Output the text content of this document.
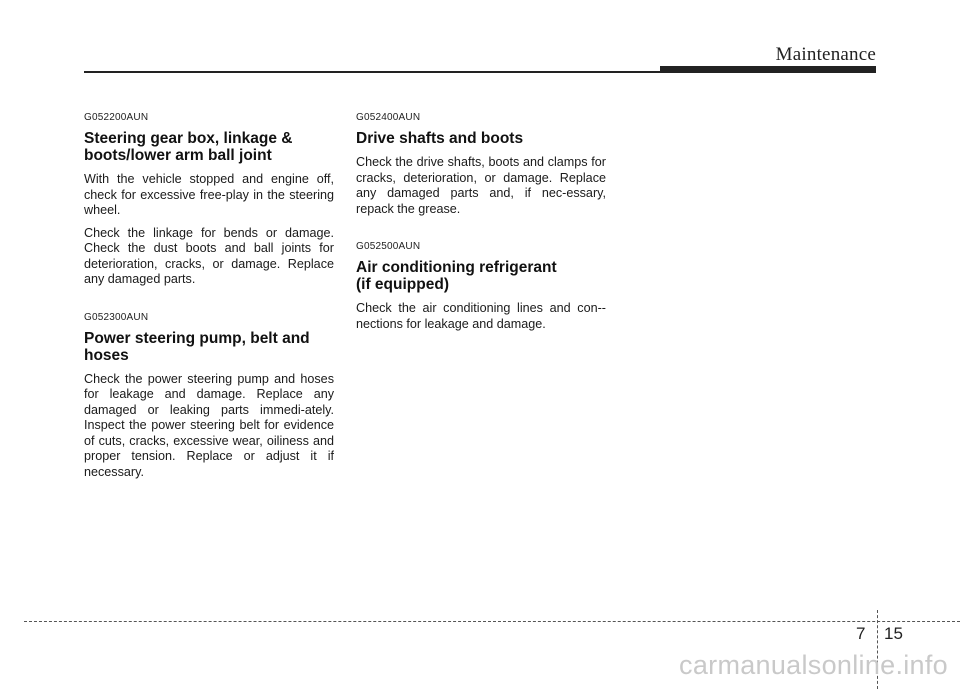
Maintenance
G052200AUN
Steering gear box, linkage &
boots/lower arm ball joint

With the vehicle stopped and engine off, check for excessive free-play in the steering wheel.

Check the linkage for bends or damage. Check the dust boots and ball joints for deterioration, cracks, or damage. Replace any damaged parts.

G052300AUN
Power steering pump, belt and
hoses

Check the power steering pump and hoses for leakage and damage. Replace any damaged or leaking parts immedi-ately. Inspect the power steering belt for evidence of cuts, cracks, excessive wear, oiliness and proper tension. Replace or adjust it if necessary.

G052400AUN
Drive shafts and boots

Check the drive shafts, boots and clamps for cracks, deterioration, or damage. Replace any damaged parts and, if nec-essary, repack the grease.

G052500AUN
Air conditioning refrigerant
(if equipped)

Check the air conditioning lines and con-nections for leakage and damage.

7 15
carmanualsonline.info
